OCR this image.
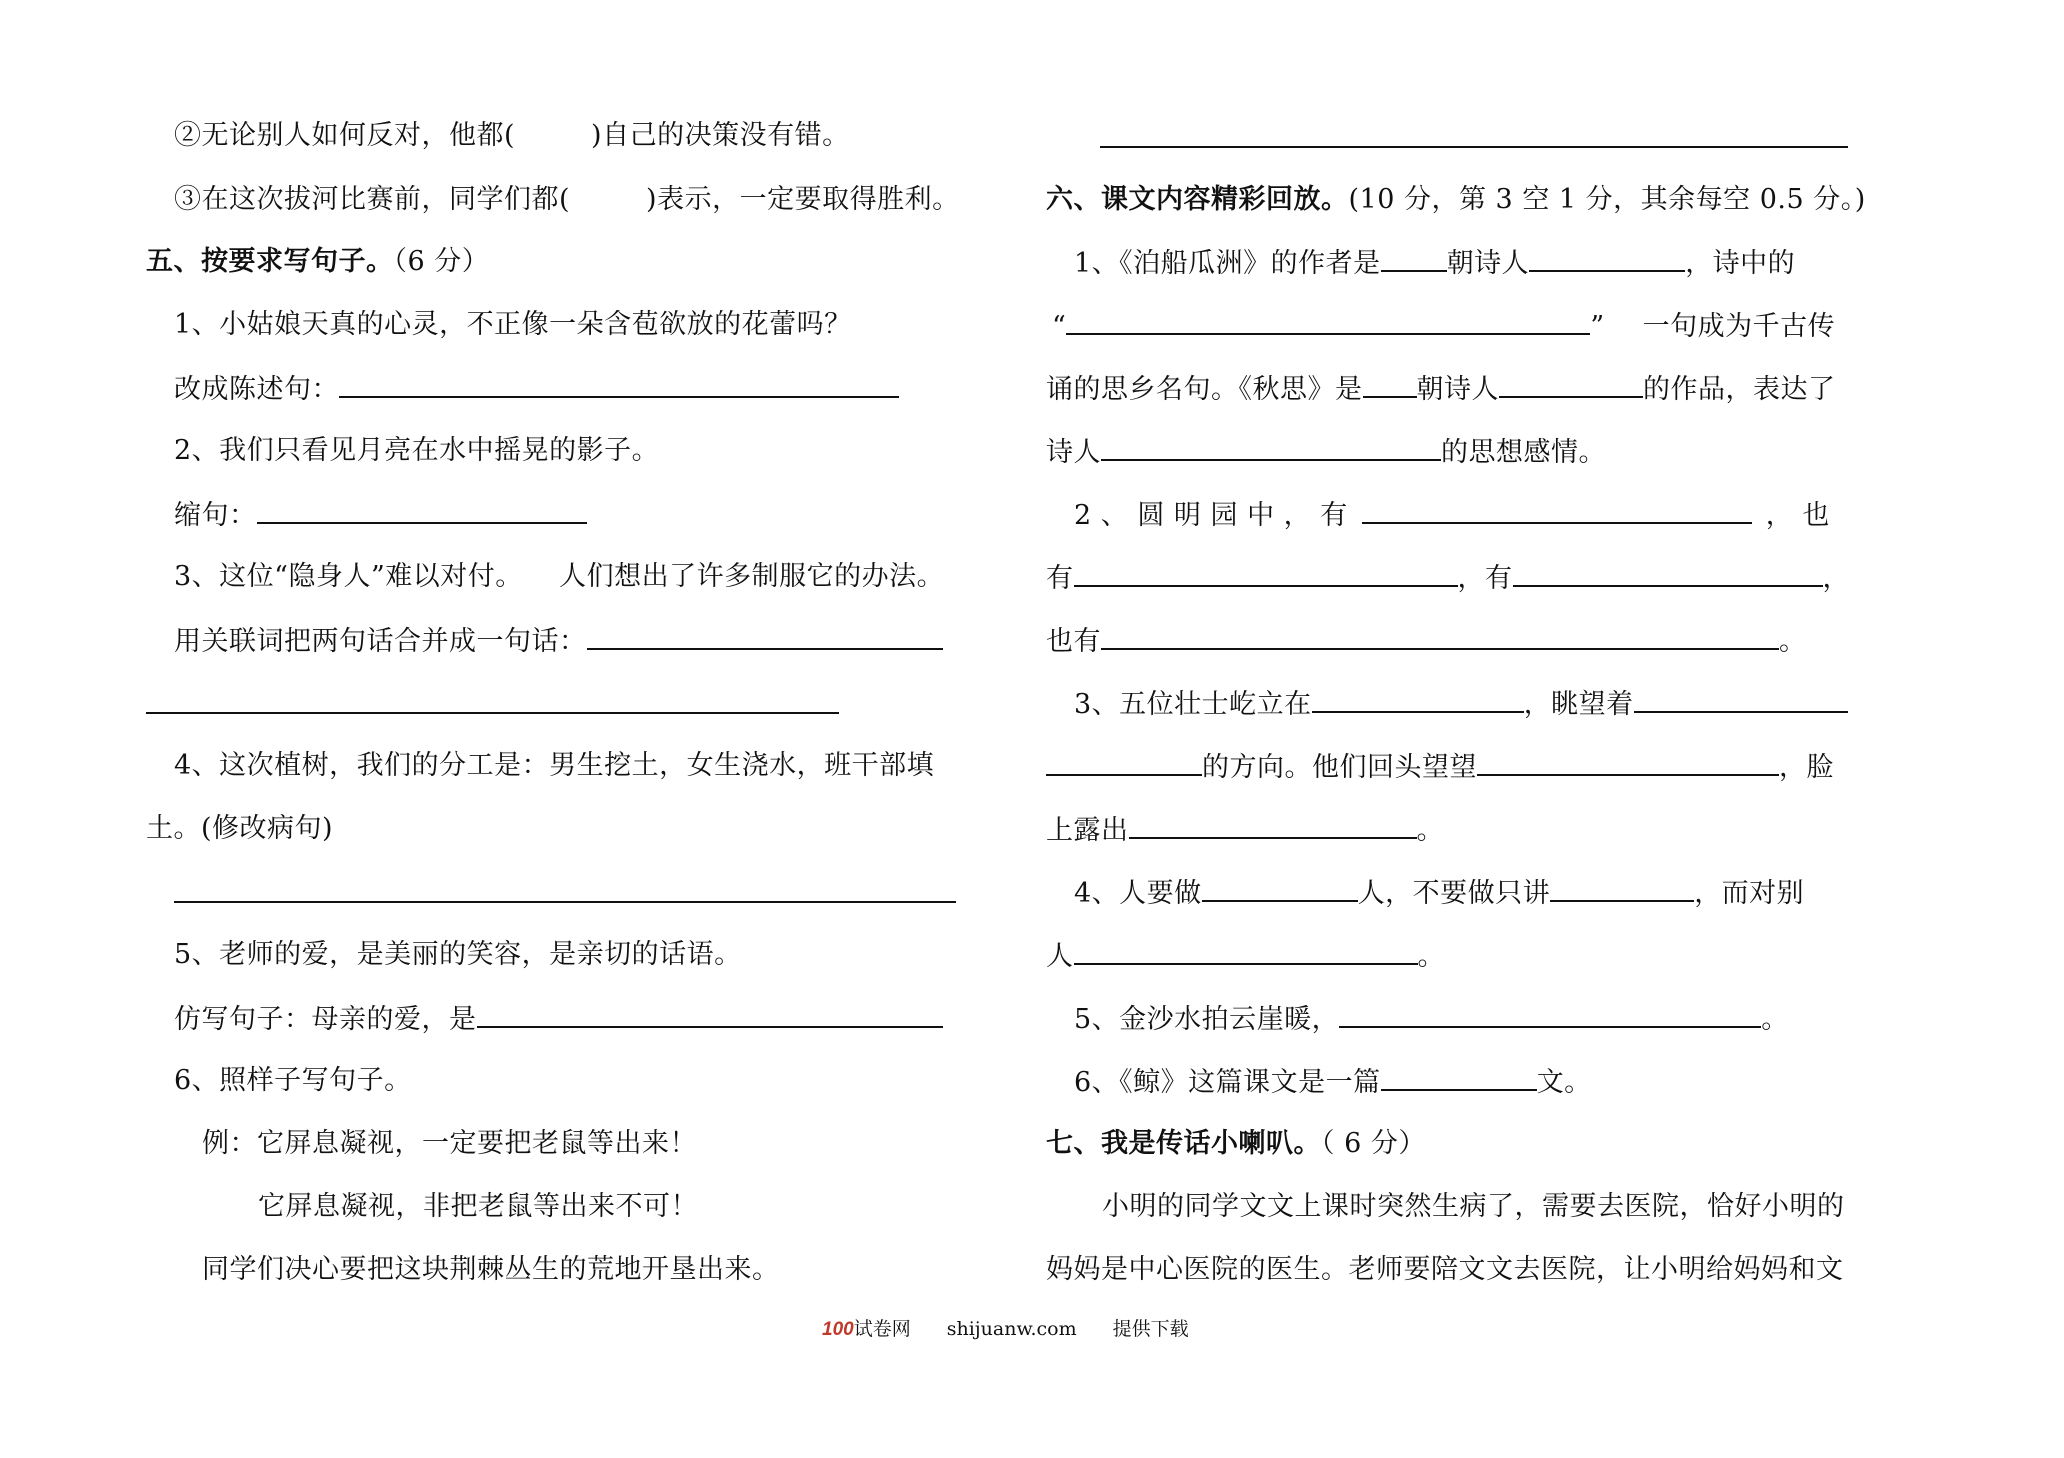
②无论别人如何反对，他都(	)自己的决策没有错。
③在这次拔河比赛前，同学们都(	)表示，一定要取得胜利。
五、按要求写句子。（6 分）
1、小姑娘天真的心灵，不正像一朵含苞欲放的花蕾吗？
改成陈述句：
2、我们只看见月亮在水中摇晃的影子。
缩句：
3、这位“隐身人”难以对付。    人们想出了许多制服它的办法。
用关联词把两句话合并成一句话：
4、这次植树，我们的分工是：男生挖土，女生浇水，班干部填
土。(修改病句)
5、老师的爱，是美丽的笑容，是亲切的话语。
仿写句子：母亲的爱，是
6、照样子写句子。
例：它屏息凝视，一定要把老鼠等出来！
它屏息凝视，非把老鼠等出来不可！
同学们决心要把这块荆棘丛生的荒地开垦出来。
六、课文内容精彩回放。(10 分，第 3 空 1 分，其余每空 0.5 分。)
1、《泊船瓜洲》的作者是 朝诗人	，诗中的
“	” 一句成为千古传
诵的思乡名句。《秋思》是 朝诗人	的作品，表达了
诗人	的思想感情。
2 、 圆 明 园 中 ， 有	， 也
有	，有	，
也有	。
3、五位壮士屹立在	，眺望着
的方向。他们回头望望	，脸
上露出	。
4、人要做	人，不要做只讲	，而对别
人	。
5、金沙水拍云崖暖，	。
6、《鲸》这篇课文是一篇	文。
七、我是传话小喇叭。（ 6 分）
小明的同学文文上课时突然生病了，需要去医院，恰好小明的
妈妈是中心医院的医生。老师要陪文文去医院，让小明给妈妈和文
100试卷网 shijuanw.com 提供下载
